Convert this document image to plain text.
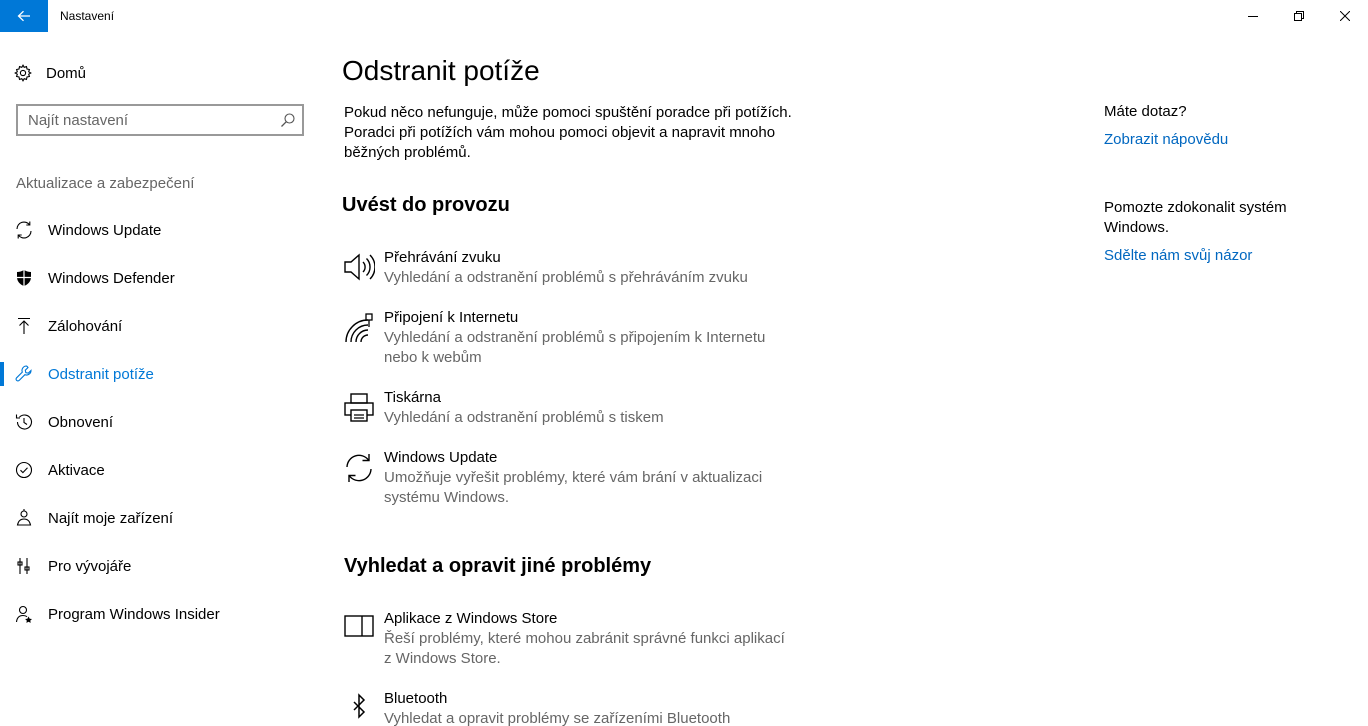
Nastavení
Domů
Najít nastavení
Aktualizace a zabezpečení
Windows Update
Windows Defender
Zálohování
Odstranit potíže
Obnovení
Aktivace
Najít moje zařízení
Pro vývojáře
Program Windows Insider
Odstranit potíže

Pokud něco nefunguje, může pomoci spuštění poradce při potížích. Poradci při potížích vám mohou pomoci objevit a napravit mnoho běžných problémů.

Uvést do provozu
Přehrávání zvuku
Vyhledání a odstranění problémů s přehráváním zvuku
Připojení k Internetu
Vyhledání a odstranění problémů s připojením k Internetu nebo k webům
Tiskárna
Vyhledání a odstranění problémů s tiskem
Windows Update
Umožňuje vyřešit problémy, které vám brání v aktualizaci systému Windows.
Vyhledat a opravit jiné problémy
Aplikace z Windows Store
Řeší problémy, které mohou zabránit správné funkci aplikací z Windows Store.
Bluetooth
Vyhledat a opravit problémy se zařízeními Bluetooth
Máte dotaz?
Zobrazit nápovědu
Pomozte zdokonalit systém Windows.
Sdělte nám svůj názor
